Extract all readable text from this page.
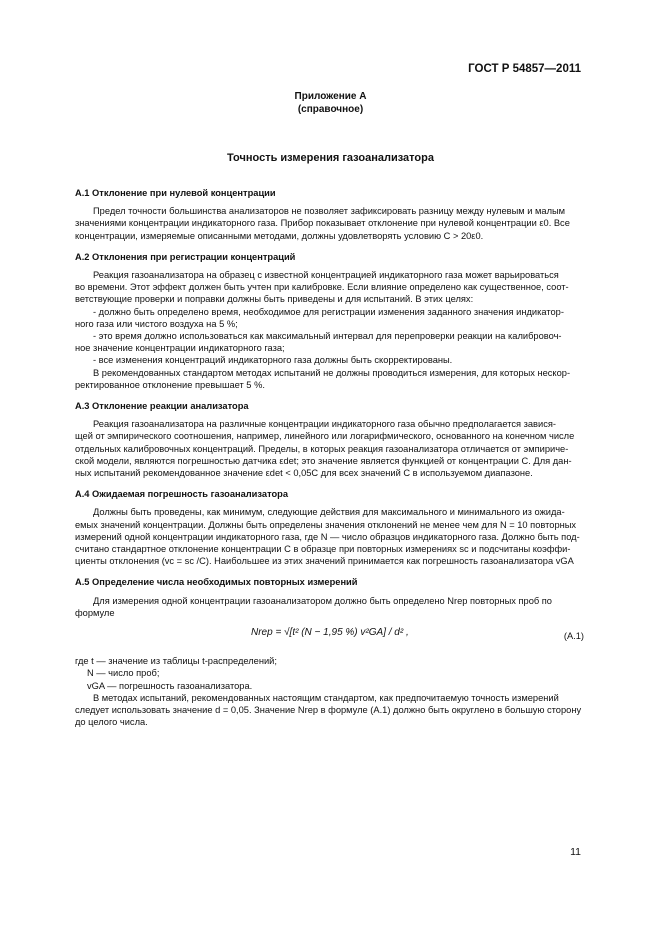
ГОСТ Р 54857—2011
Приложение А
(справочное)
Точность измерения газоанализатора
А.1 Отклонение при нулевой концентрации
Предел точности большинства анализаторов не позволяет зафиксировать разницу между нулевым и малым
значениями концентрации индикаторного газа. Прибор показывает отклонение при нулевой концентрации ε0. Все
концентрации, измеряемые описанными методами, должны удовлетворять условию C > 20ε0.
А.2 Отклонения при регистрации концентраций
Реакция газоанализатора на образец с известной концентрацией индикаторного газа может варьироваться
во времени. Этот эффект должен быть учтен при калибровке. Если влияние определено как существенное, соот-
ветствующие проверки и поправки должны быть приведены и для испытаний. В этих целях:
- должно быть определено время, необходимое для регистрации изменения заданного значения индикатор-
ного газа или чистого воздуха на 5 %;
- это время должно использоваться как максимальный интервал для перепроверки реакции на калибровоч-
ное значение концентрации индикаторного газа;
- все изменения концентраций индикаторного газа должны быть скорректированы.
В рекомендованных стандартом методах испытаний не должны проводиться измерения, для которых нескор-
ректированное отклонение превышает 5 %.
А.3 Отклонение реакции анализатора
Реакция газоанализатора на различные концентрации индикаторного газа обычно предполагается завися-
щей от эмпирического соотношения, например, линейного или логарифмического, основанного на конечном числе
отдельных калибровочных концентраций. Пределы, в которых реакция газоанализатора отличается от эмпириче-
ской модели, являются погрешностью датчика εdet; это значение является функцией от концентрации C. Для дан-
ных испытаний рекомендованное значение εdet < 0,05C для всех значений C в используемом диапазоне.
А.4 Ожидаемая погрешность газоанализатора
Должны быть проведены, как минимум, следующие действия для максимального и минимального из ожида-
емых значений концентрации. Должны быть определены значения отклонений не менее чем для N = 10 повторных
измерений одной концентрации индикаторного газа, где N — число образцов индикаторного газа. Должно быть под-
считано стандартное отклонение концентрации C в образце при повторных измерениях sc и подсчитаны коэффи-
циенты отклонения (vc = sc /C). Наибольшее из этих значений принимается как погрешность газоанализатора vGA
А.5 Определение числа необходимых повторных измерений
Для измерения одной концентрации газоанализатором должно быть определено Nrep повторных проб по
формуле
Nrep = √[t² (N − 1,95 %) v²GA] / d² ,	(А.1)
где t — значение из таблицы t-распределений;
N — число проб;
vGA — погрешность газоанализатора.
В методах испытаний, рекомендованных настоящим стандартом, как предпочитаемую точность измерений
следует использовать значение d = 0,05. Значение Nrep в формуле (А.1) должно быть округлено в большую сторону
до целого числа.
11
